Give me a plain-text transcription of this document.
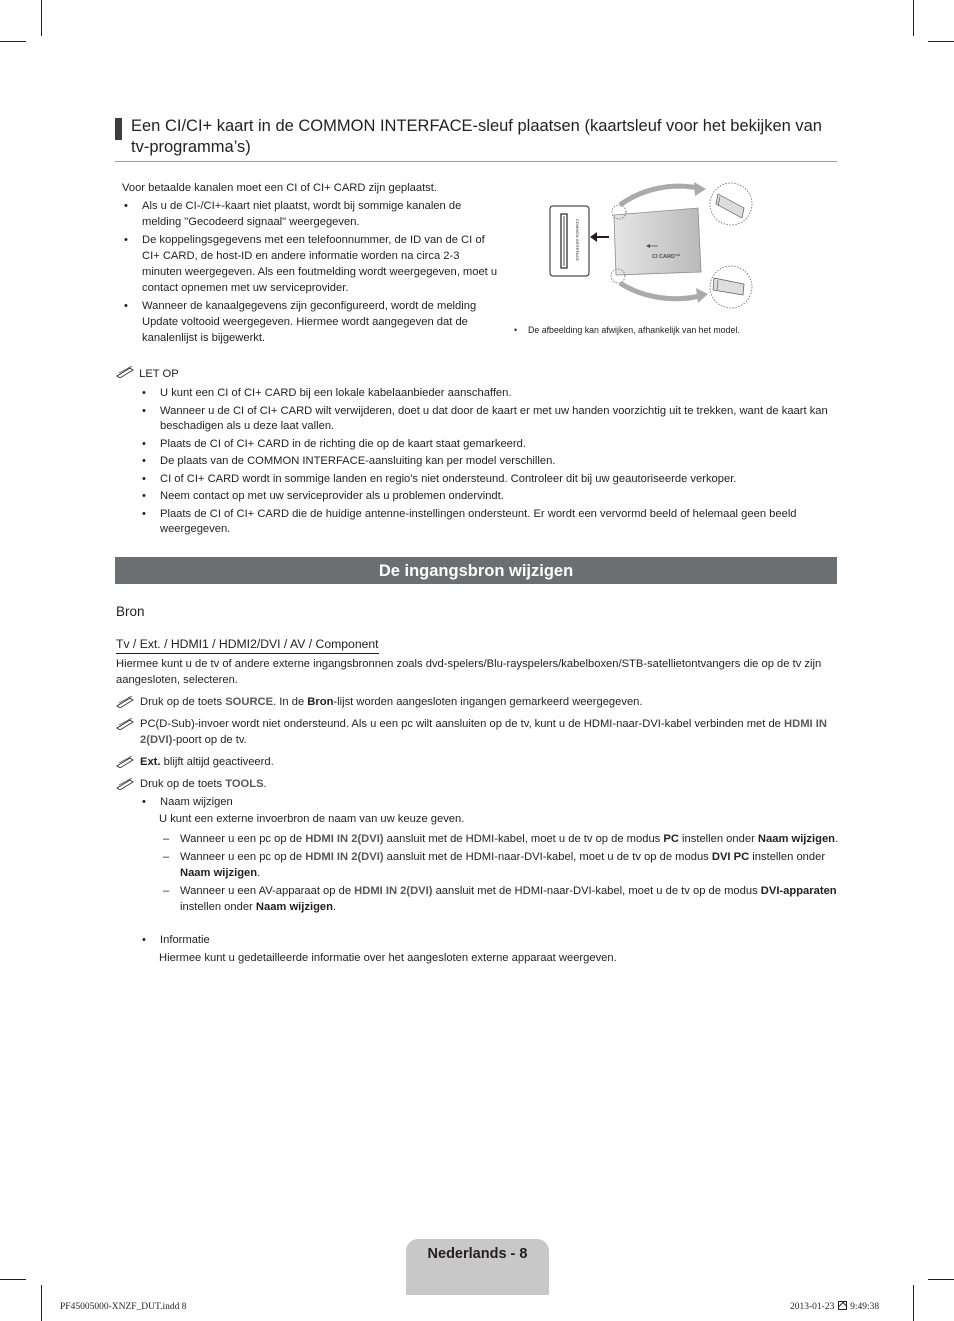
Een CI/CI+ kaart in de COMMON INTERFACE-sleuf plaatsen (kaartsleuf voor het bekijken van tv-programma’s)

Voor betaalde kanalen moet een CI of CI+ CARD zijn geplaatst.

• Als u de CI-/CI+-kaart niet plaatst, wordt bij sommige kanalen de melding "Gecodeerd signaal" weergegeven.
• De koppelingsgegevens met een telefoonnummer, de ID van de CI of CI+ CARD, de host-ID en andere informatie worden na circa 2-3 minuten weergegeven. Als een foutmelding wordt weergegeven, moet u contact opnemen met uw serviceprovider.
• Wanneer de kanaalgegevens zijn geconfigureerd, wordt de melding Update voltooid weergegeven. Hiermee wordt aangegeven dat de kanalenlijst is bijgewerkt.
COMMON INTERFACE	CI CARD™
• De afbeelding kan afwijken, afhankelijk van het model.
LET OP
• U kunt een CI of CI+ CARD bij een lokale kabelaanbieder aanschaffen.
• Wanneer u de CI of CI+ CARD wilt verwijderen, doet u dat door de kaart er met uw handen voorzichtig uit te trekken, want de kaart kan beschadigen als u deze laat vallen.
• Plaats de CI of CI+ CARD in de richting die op de kaart staat gemarkeerd.
• De plaats van de COMMON INTERFACE-aansluiting kan per model verschillen.
• CI of CI+ CARD wordt in sommige landen en regio's niet ondersteund. Controleer dit bij uw geautoriseerde verkoper.
• Neem contact op met uw serviceprovider als u problemen ondervindt.
• Plaats de CI of CI+ CARD die de huidige antenne-instellingen ondersteunt. Er wordt een vervormd beeld of helemaal geen beeld weergegeven.
De ingangsbron wijzigen
Bron
Tv / Ext. / HDMI1 / HDMI2/DVI / AV / Component
Hiermee kunt u de tv of andere externe ingangsbronnen zoals dvd-spelers/Blu-rayspelers/kabelboxen/STB-satellietontvangers die op de tv zijn aangesloten, selecteren.
Druk op de toets SOURCE. In de Bron-lijst worden aangesloten ingangen gemarkeerd weergegeven.
PC(D-Sub)-invoer wordt niet ondersteund. Als u een pc wilt aansluiten op de tv, kunt u de HDMI-naar-DVI-kabel verbinden met de HDMI IN 2(DVI)-poort op de tv.
Ext. blijft altijd geactiveerd.
Druk op de toets TOOLS.
• Naam wijzigen
U kunt een externe invoerbron de naam van uw keuze geven.
– Wanneer u een pc op de HDMI IN 2(DVI) aansluit met de HDMI-kabel, moet u de tv op de modus PC instellen onder Naam wijzigen.
– Wanneer u een pc op de HDMI IN 2(DVI) aansluit met de HDMI-naar-DVI-kabel, moet u de tv op de modus DVI PC instellen onder Naam wijzigen.
– Wanneer u een AV-apparaat op de HDMI IN 2(DVI) aansluit met de HDMI-naar-DVI-kabel, moet u de tv op de modus DVI-apparaten instellen onder Naam wijzigen.
• Informatie
Hiermee kunt u gedetailleerde informatie over het aangesloten externe apparaat weergeven.
Nederlands - 8
PF45005000-XNZF_DUT.indd 8	2013-01-23 9:49:38
